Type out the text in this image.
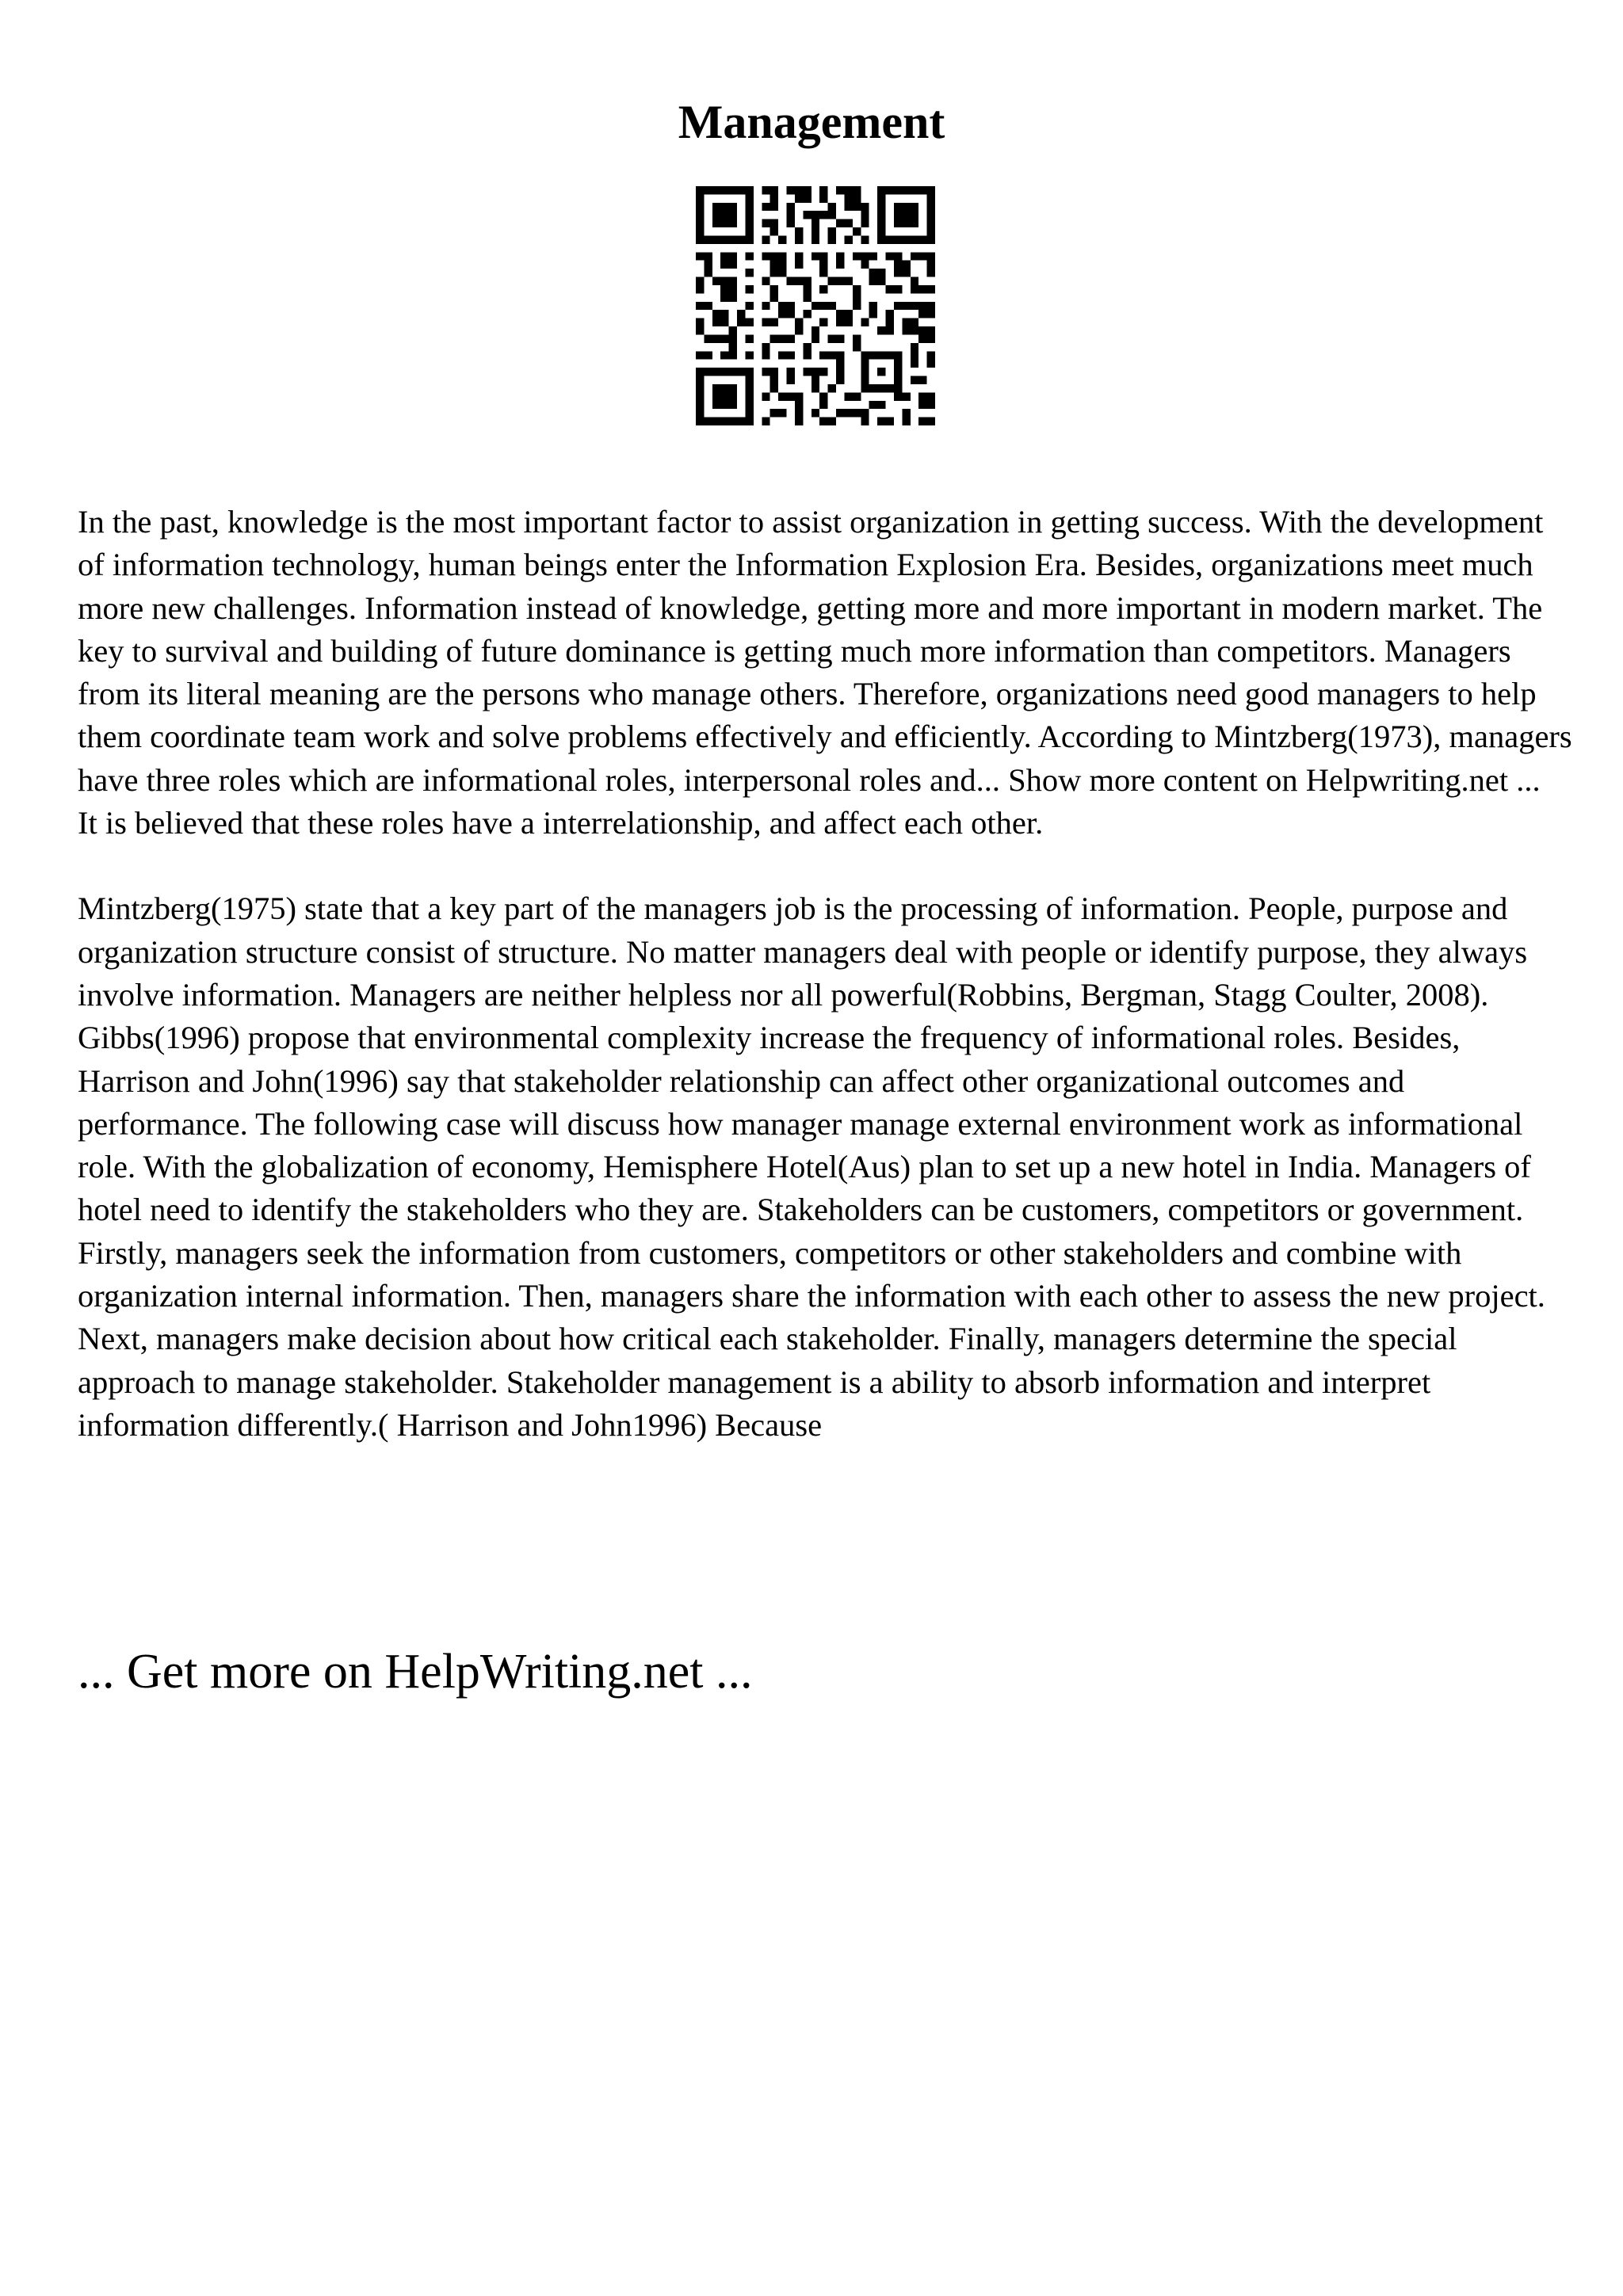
Management

In the past, knowledge is the most important factor to assist organization in getting success. With the development of information technology, human beings enter the Information Explosion Era. Besides, organizations meet much more new challenges. Information instead of knowledge, getting more and more important in modern market. The key to survival and building of future dominance is getting much more information than competitors. Managers from its literal meaning are the persons who manage others. Therefore, organizations need good managers to help them coordinate team work and solve problems effectively and efficiently. According to Mintzberg(1973), managers have three roles which are informational roles, interpersonal roles and... Show more content on Helpwriting.net ...

It is believed that these roles have a interrelationship, and affect each other.

Mintzberg(1975) state that a key part of the managers job is the processing of information. People, purpose and organization structure consist of structure. No matter managers deal with people or identify purpose, they always involve information. Managers are neither helpless nor all powerful(Robbins, Bergman, Stagg Coulter, 2008). Gibbs(1996) propose that environmental complexity increase the frequency of informational roles. Besides, Harrison and John(1996) say that stakeholder relationship can affect other organizational outcomes and performance. The following case will discuss how manager manage external environment work as informational role. With the globalization of economy, Hemisphere Hotel(Aus) plan to set up a new hotel in India. Managers of hotel need to identify the stakeholders who they are. Stakeholders can be customers, competitors or government. Firstly, managers seek the information from customers, competitors or other stakeholders and combine with organization internal information. Then, managers share the information with each other to assess the new project. Next, managers make decision about how critical each stakeholder. Finally, managers determine the special approach to manage stakeholder. Stakeholder management is a ability to absorb information and interpret information differently.( Harrison and John1996) Because

... Get more on HelpWriting.net ...
